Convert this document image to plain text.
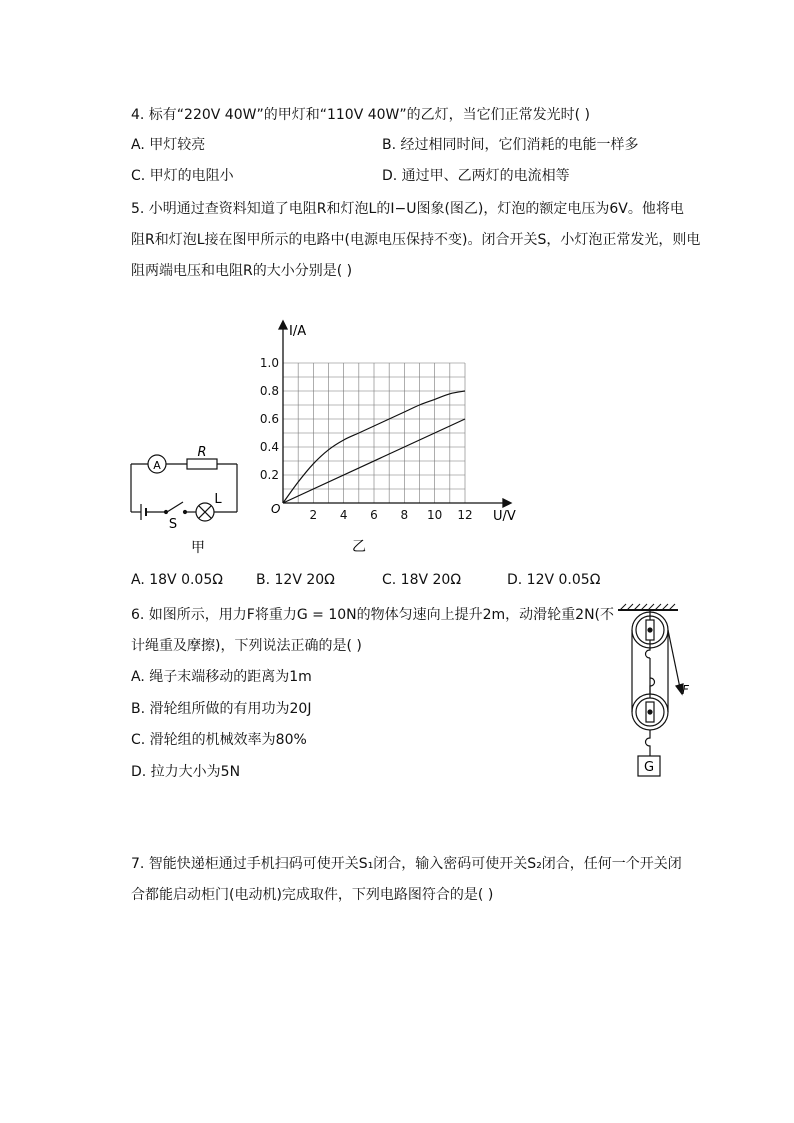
4. 标有“220V 40W”的甲灯和“110V 40W”的乙灯，当它们正常发光时( )
A. 甲灯较亮	B. 经过相同时间，它们消耗的电能一样多
C. 甲灯的电阻小	D. 通过甲、乙两灯的电流相等
5. 小明通过查资料知道了电阻R和灯泡L的I−U图象(图乙)，灯泡的额定电压为6V。他将电
阻R和灯泡L接在图甲所示的电路中(电源电压保持不变)。闭合开关S，小灯泡正常发光，则电
阻两端电压和电阻R的大小分别是( )
A
R
L
S
甲
2 4 6 8 10 12
0.2
0.4
0.6
0.8
1.0
I/A
U/V
O
乙
A. 18V 0.05Ω B. 12V 20Ω	C. 18V 20Ω	D. 12V 0.05Ω
6. 如图所示，用力F将重力G = 10N的物体匀速向上提升2m，动滑轮重2N(不
计绳重及摩擦)，下列说法正确的是( )
A. 绳子末端移动的距离为1m
B. 滑轮组所做的有用功为20J
C. 滑轮组的机械效率为80%
D. 拉力大小为5N
F
G
7. 智能快递柜通过手机扫码可使开关S₁闭合，输入密码可使开关S₂闭合，任何一个开关闭
合都能启动柜门(电动机)完成取件，下列电路图符合的是( )
